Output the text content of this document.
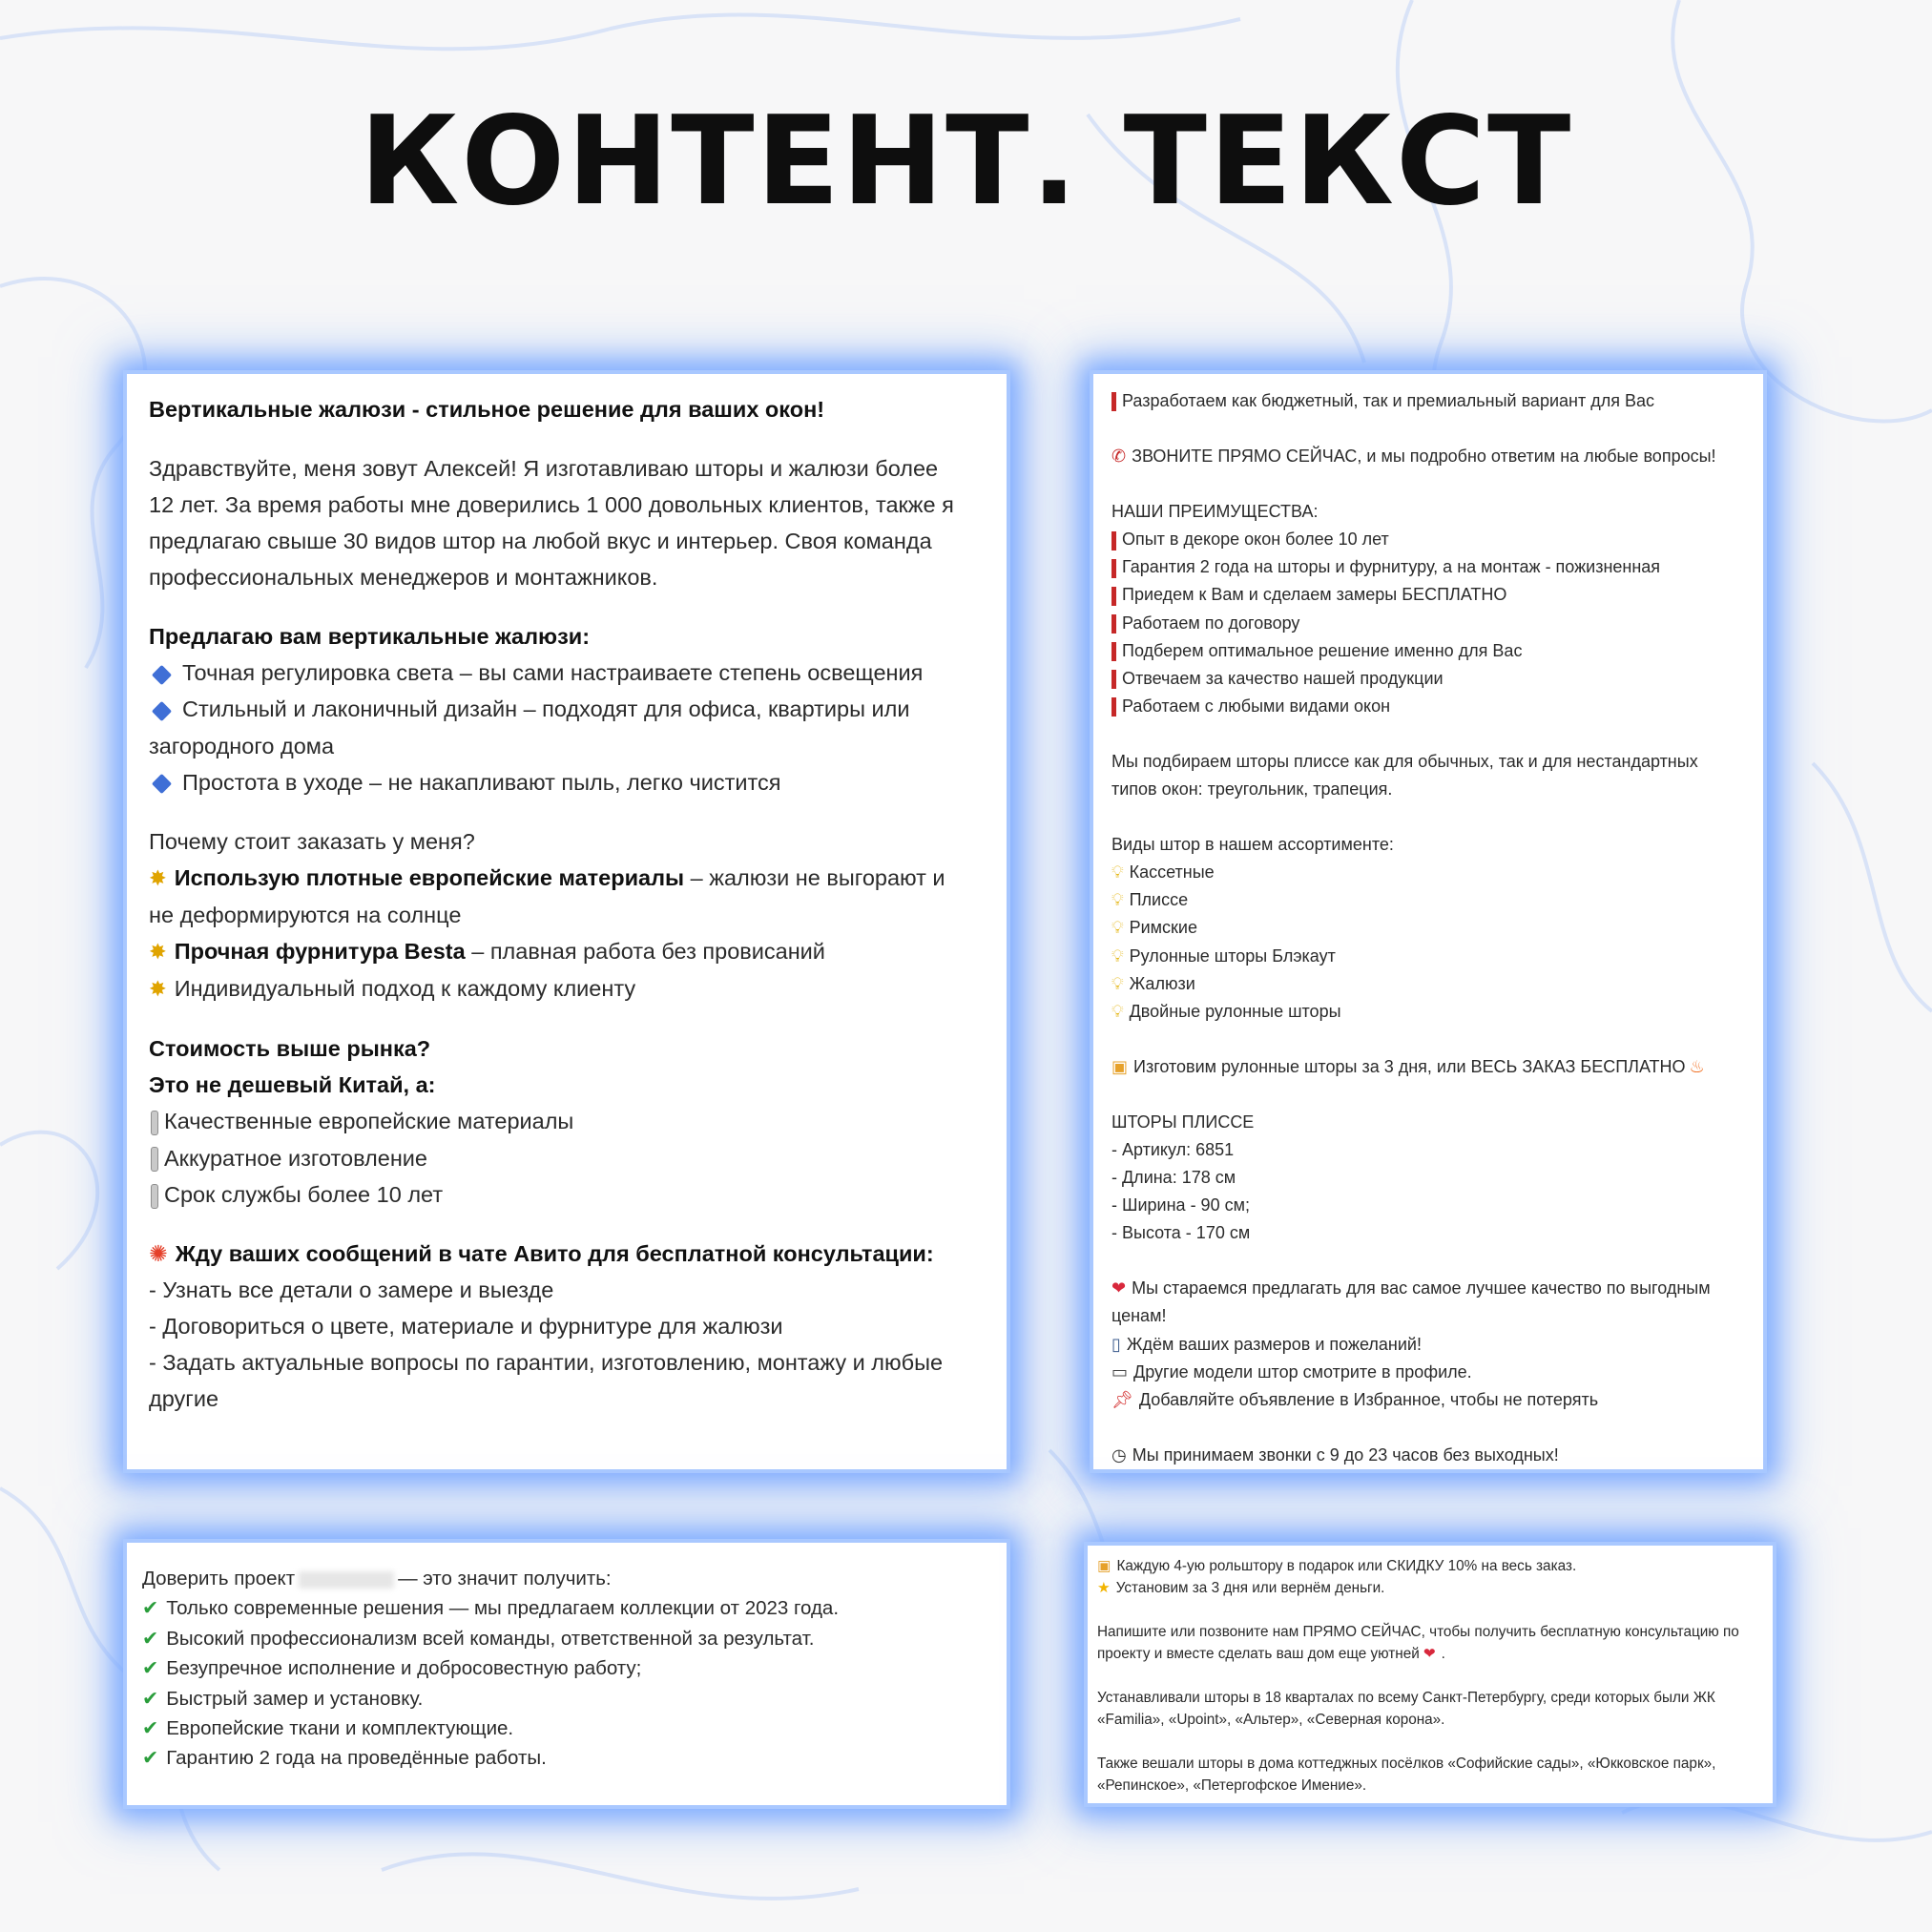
КОНТЕНТ. ТЕКСТ

Вертикальные жалюзи - стильное решение для ваших окон!

Здравствуйте, меня зовут Алексей! Я изготавливаю шторы и жалюзи более

12 лет. За время работы мне доверились 1 000 довольных клиентов, также я

предлагаю свыше 30 видов штор на любой вкус и интерьер. Своя команда

профессиональных менеджеров и монтажников.

Предлагаю вам вертикальные жалюзи:

Точная регулировка света – вы сами настраиваете степень освещения

Стильный и лаконичный дизайн – подходят для офиса, квартиры или

загородного дома

Простота в уходе – не накапливают пыль, легко чистится

Почему стоит заказать у меня?

✸ Использую плотные европейские материалы – жалюзи не выгорают и

не деформируются на солнце

✸ Прочная фурнитура Besta – плавная работа без провисаний

✸ Индивидуальный подход к каждому клиенту

Стоимость выше рынка?

Это не дешевый Китай, а:

Качественные европейские материалы

Аккуратное изготовление

Срок службы более 10 лет

✺ Жду ваших сообщений в чате Авито для бесплатной консультации:

- Узнать все детали о замере и выезде

- Договориться о цвете, материале и фурнитуре для жалюзи

- Задать актуальные вопросы по гарантии, изготовлению, монтажу и любые

другие

Разработаем как бюджетный, так и премиальный вариант для Вас

✆ ЗВОНИТЕ ПРЯМО СЕЙЧАС, и мы подробно ответим на любые вопросы!

НАШИ ПРЕИМУЩЕСТВА:

Опыт в декоре окон более 10 лет

Гарантия 2 года на шторы и фурнитуру, а на монтаж - пожизненная

Приедем к Вам и сделаем замеры БЕСПЛАТНО

Работаем по договору

Подберем оптимальное решение именно для Вас

Отвечаем за качество нашей продукции

Работаем с любыми видами окон

Мы подбираем шторы плиссе как для обычных, так и для нестандартных

типов окон: треугольник, трапеция.

Виды штор в нашем ассортименте:

💡︎ Кассетные

💡︎ Плиссе

💡︎ Римские

💡︎ Рулонные шторы Блэкаут

💡︎ Жалюзи

💡︎ Двойные рулонные шторы

▣ Изготовим рулонные шторы за 3 дня, или ВЕСЬ ЗАКАЗ БЕСПЛАТНО ♨

ШТОРЫ ПЛИССЕ

- Артикул: 6851

- Длина: 178 см

- Ширина - 90 см;

- Высота - 170 см

❤ Мы стараемся предлагать для вас самое лучшее качество по выгодным

ценам!

▯ Ждём ваших размеров и пожеланий!

▭ Другие модели штор смотрите в профиле.

📌︎ Добавляйте объявление в Избранное, чтобы не потерять

◷ Мы принимаем звонки с 9 до 23 часов без выходных!

Доверить проект	— это значит получить:

✔ Только современные решения — мы предлагаем коллекции от 2023 года.

✔ Высокий профессионализм всей команды, ответственной за результат.

✔ Безупречное исполнение и добросовестную работу;

✔ Быстрый замер и установку.

✔ Европейские ткани и комплектующие.

✔ Гарантию 2 года на проведённые работы.

▣ Каждую 4-ую рольштору в подарок или СКИДКУ 10% на весь заказ.

★ Установим за 3 дня или вернём деньги.

Напишите или позвоните нам ПРЯМО СЕЙЧАС, чтобы получить бесплатную консультацию по

проекту и вместе сделать ваш дом еще уютней ❤ .

Устанавливали шторы в 18 кварталах по всему Санкт-Петербургу, среди которых были ЖК

«Familia», «Upoint», «Альтер», «Северная корона».

Также вешали шторы в дома коттеджных посёлков «Софийские сады», «Юкковское парк»,

«Репинское», «Петергофское Имение».
